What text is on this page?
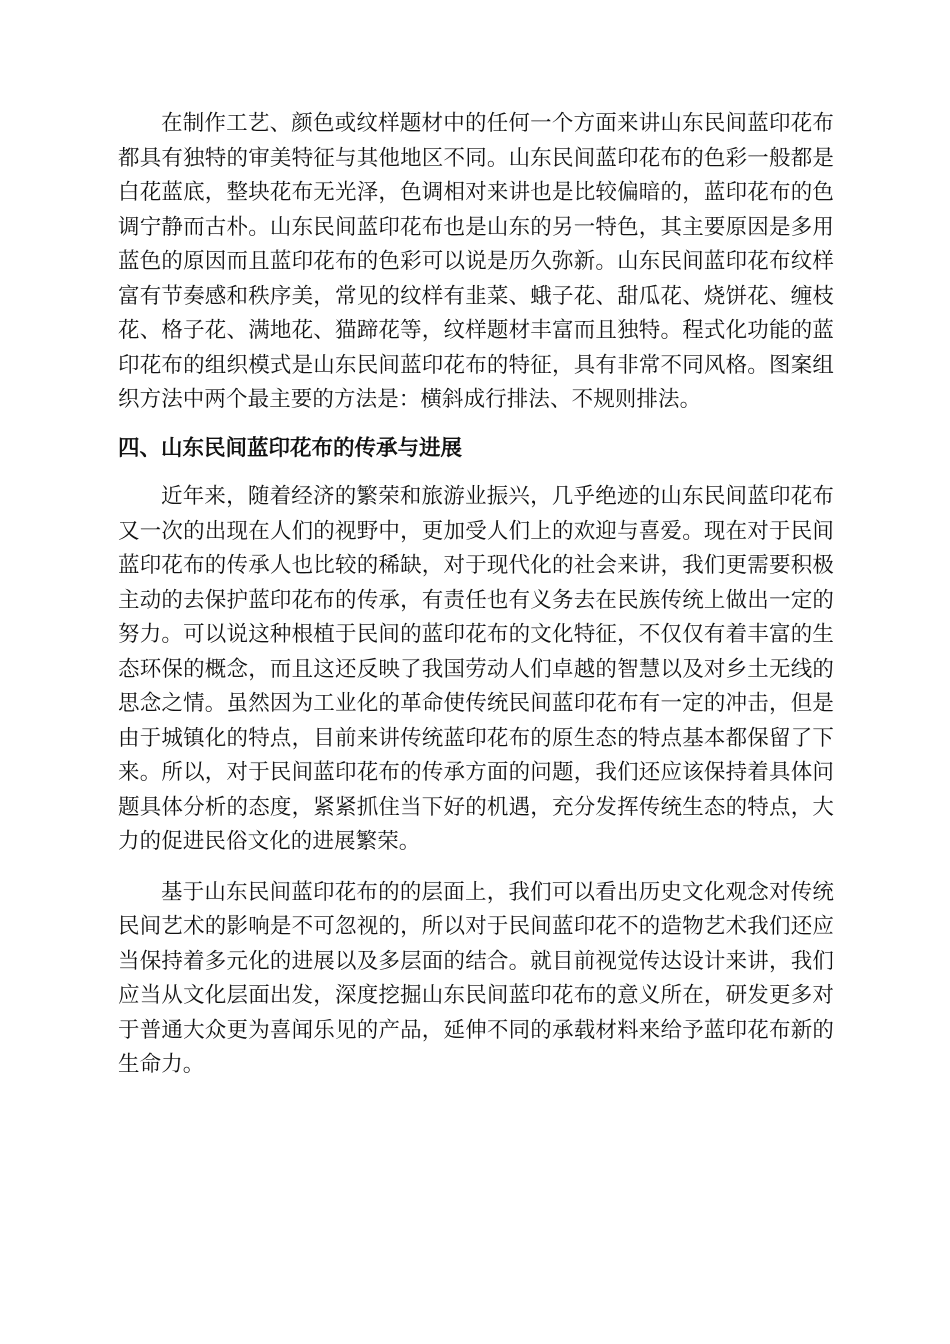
在制作工艺、颜色或纹样题材中的任何一个方面来讲山东民间蓝印花布都具有独特的审美特征与其他地区不同。山东民间蓝印花布的色彩一般都是白花蓝底，整块花布无光泽，色调相对来讲也是比较偏暗的，蓝印花布的色调宁静而古朴。山东民间蓝印花布也是山东的另一特色，其主要原因是多用蓝色的原因而且蓝印花布的色彩可以说是历久弥新。山东民间蓝印花布纹样富有节奏感和秩序美，常见的纹样有韭菜、蛾子花、甜瓜花、烧饼花、缠枝花、格子花、满地花、猫蹄花等，纹样题材丰富而且独特。程式化功能的蓝印花布的组织模式是山东民间蓝印花布的特征，具有非常不同风格。图案组织方法中两个最主要的方法是：横斜成行排法、不规则排法。

四、山东民间蓝印花布的传承与进展

近年来，随着经济的繁荣和旅游业振兴，几乎绝迹的山东民间蓝印花布又一次的出现在人们的视野中，更加受人们上的欢迎与喜爱。现在对于民间蓝印花布的传承人也比较的稀缺，对于现代化的社会来讲，我们更需要积极主动的去保护蓝印花布的传承，有责任也有义务去在民族传统上做出一定的努力。可以说这种根植于民间的蓝印花布的文化特征，不仅仅有着丰富的生态环保的概念，而且这还反映了我国劳动人们卓越的智慧以及对乡土无线的思念之情。虽然因为工业化的革命使传统民间蓝印花布有一定的冲击，但是由于城镇化的特点，目前来讲传统蓝印花布的原生态的特点基本都保留了下来。所以，对于民间蓝印花布的传承方面的问题，我们还应该保持着具体问题具体分析的态度，紧紧抓住当下好的机遇，充分发挥传统生态的特点，大力的促进民俗文化的进展繁荣。

基于山东民间蓝印花布的的层面上，我们可以看出历史文化观念对传统民间艺术的影响是不可忽视的，所以对于民间蓝印花不的造物艺术我们还应当保持着多元化的进展以及多层面的结合。就目前视觉传达设计来讲，我们应当从文化层面出发，深度挖掘山东民间蓝印花布的意义所在，研发更多对于普通大众更为喜闻乐见的产品，延伸不同的承载材料来给予蓝印花布新的生命力。
